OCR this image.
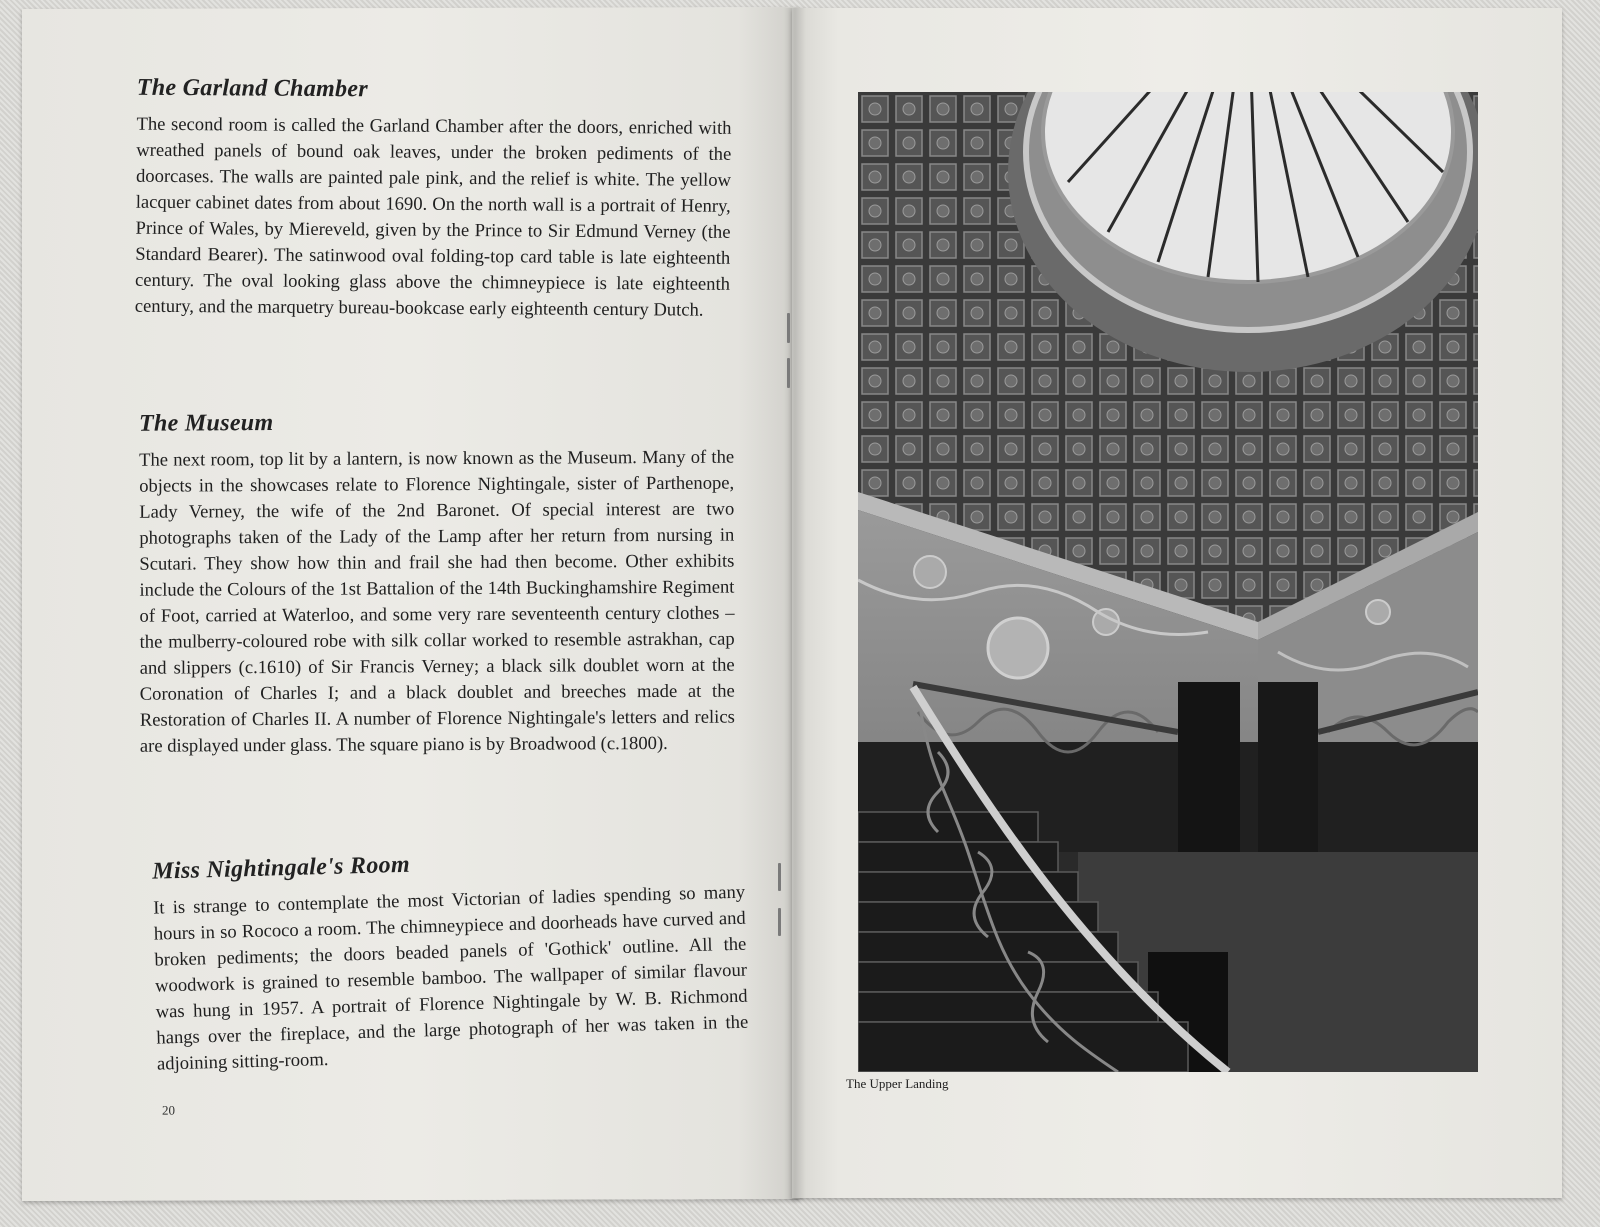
The Garland Chamber

The second room is called the Garland Chamber after the doors, enriched with wreathed panels of bound oak leaves, under the broken pediments of the doorcases. The walls are painted pale pink, and the relief is white. The yellow lacquer cabinet dates from about 1690. On the north wall is a portrait of Henry, Prince of Wales, by Miereveld, given by the Prince to Sir Edmund Verney (the Standard Bearer). The satinwood oval folding-top card table is late eighteenth century. The oval looking glass above the chimneypiece is late eighteenth century, and the marquetry bureau-bookcase early eighteenth century Dutch.

The Museum

The next room, top lit by a lantern, is now known as the Museum. Many of the objects in the showcases relate to Florence Nightingale, sister of Parthenope, Lady Verney, the wife of the 2nd Baronet. Of special interest are two photographs taken of the Lady of the Lamp after her return from nursing in Scutari. They show how thin and frail she had then become. Other exhibits include the Colours of the 1st Battalion of the 14th Buckinghamshire Regiment of Foot, carried at Waterloo, and some very rare seventeenth century clothes – the mulberry-coloured robe with silk collar worked to resemble astrakhan, cap and slippers (c.1610) of Sir Francis Verney; a black silk doublet worn at the Coronation of Charles I; and a black doublet and breeches made at the Restoration of Charles II. A number of Florence Nightingale's letters and relics are displayed under glass. The square piano is by Broadwood (c.1800).

Miss Nightingale's Room

It is strange to contemplate the most Victorian of ladies spending so many hours in so Rococo a room. The chimneypiece and doorheads have curved and broken pediments; the doors beaded panels of 'Gothick' outline. All the woodwork is grained to resemble bamboo. The wallpaper of similar flavour was hung in 1957. A portrait of Florence Nightingale by W. B. Richmond hangs over the fireplace, and the large photograph of her was taken in the adjoining sitting-room.

20
The Upper Landing
